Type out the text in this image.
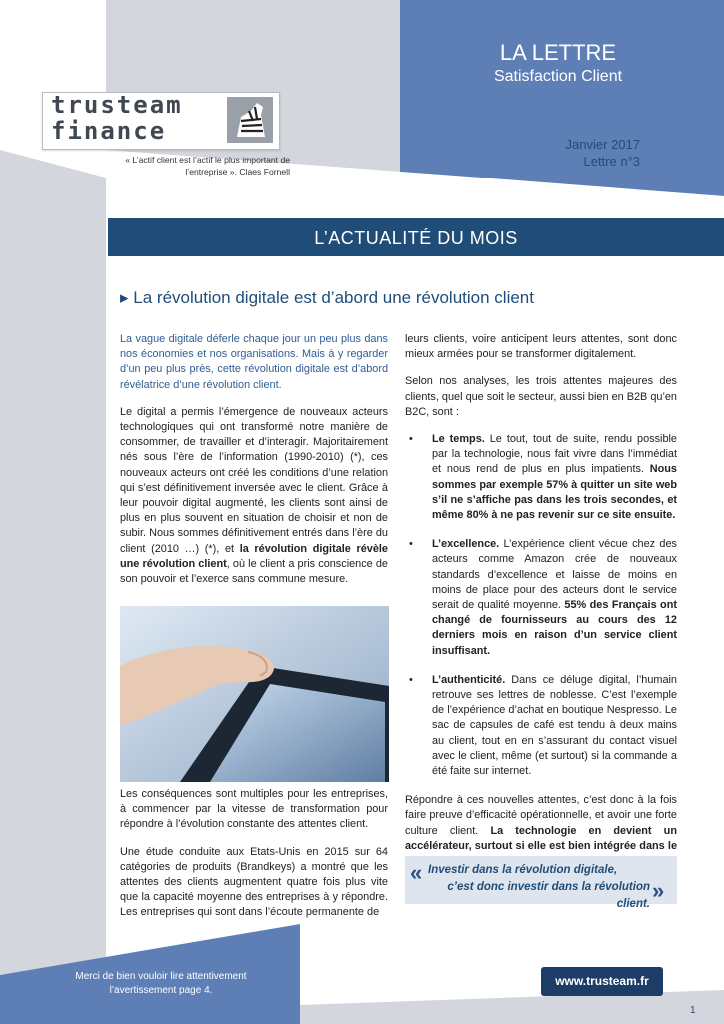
trusteam
finance
« L’actif client est l’actif le plus important de l’entreprise ». Claes Fornell
LA LETTRE
Satisfaction Client
Janvier 2017
Lettre n°3
L’ACTUALITÉ DU MOIS
▸ La révolution digitale est d’abord une révolution client

La vague digitale déferle chaque jour un peu plus dans nos économies et nos organisations. Mais à y regarder d’un peu plus près, cette révolution digitale est d’abord révélatrice d’une révolution client.

Le digital a permis l’émergence de nouveaux acteurs technologiques qui ont transformé notre manière de consommer, de travailler et d’interagir. Majoritairement nés sous l’ère de l’information (1990-2010) (*), ces nouveaux acteurs ont créé les conditions d’une relation qui s’est définitivement inversée avec le client. Grâce à leur pouvoir digital augmenté, les clients sont ainsi de plus en plus souvent en situation de choisir et non de subir. Nous sommes définitivement entrés dans l’ère du client (2010 …) (*), et la révolution digitale révèle une révolution client, où le client a pris conscience de son pouvoir et l’exerce sans commune mesure.

Les conséquences sont multiples pour les entreprises, à commencer par la vitesse de transformation pour répondre à l’évolution constante des attentes client.

Une étude conduite aux Etats-Unis en 2015 sur 64 catégories de produits (Brandkeys) a montré que les attentes des clients augmentent quatre fois plus vite que la capacité moyenne des entreprises à y répondre. Les entreprises qui sont dans l’écoute permanente de

leurs clients, voire anticipent leurs attentes, sont donc mieux armées pour se transformer digitalement.

Selon nos analyses, les trois attentes majeures des clients, quel que soit le secteur, aussi bien en B2B qu’en B2C, sont :

• Le temps. Le tout, tout de suite, rendu possible par la technologie, nous fait vivre dans l’immédiat et nous rend de plus en plus impatients. Nous sommes par exemple 57% à quitter un site web s’il ne s’affiche pas dans les trois secondes, et même 80% à ne pas revenir sur ce site ensuite.
• L’excellence. L’expérience client vécue chez des acteurs comme Amazon crée de nouveaux standards d’excellence et laisse de moins en moins de place pour des acteurs dont le service serait de qualité moyenne. 55% des Français ont changé de fournisseurs au cours des 12 derniers mois en raison d’un service client insuffisant.
• L’authenticité. Dans ce déluge digital, l’humain retrouve ses lettres de noblesse. C’est l’exemple de l’expérience d’achat en boutique Nespresso. Le sac de capsules de café est tendu à deux mains au client, tout en en s’assurant du contact visuel avec le client, même (et surtout) si la commande a été faite sur internet.

Répondre à ces nouvelles attentes, c’est donc à la fois faire preuve d’efficacité opérationnelle, et avoir une forte culture client. La technologie en devient un accélérateur, surtout si elle est bien intégrée dans le

« Investir dans la révolution digitale,
c’est donc investir dans la révolution client.
»
Merci de bien vouloir lire attentivement l’avertissement page 4.
www.trusteam.fr
1
